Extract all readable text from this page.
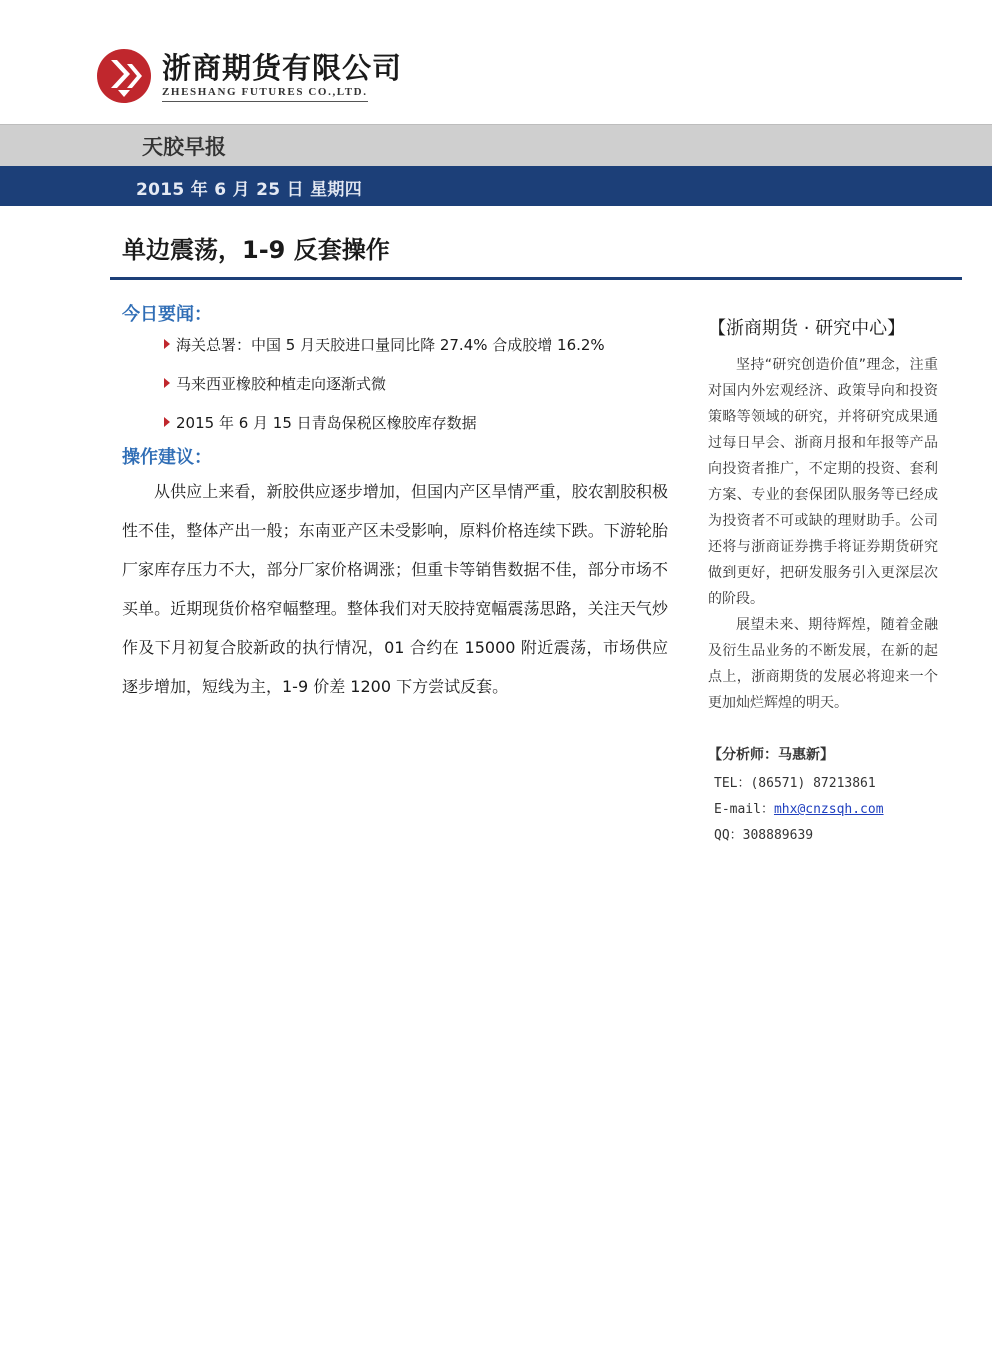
浙商期货有限公司
ZHESHANG FUTURES CO.,LTD.
天胶早报
2015 年 6 月 25 日 星期四
单边震荡，1-9 反套操作
今日要闻：
海关总署：中国 5 月天胶进口量同比降 27.4% 合成胶增 16.2%
马来西亚橡胶种植走向逐渐式微
2015 年 6 月 15 日青岛保税区橡胶库存数据
操作建议：

从供应上来看，新胶供应逐步增加，但国内产区旱情严重，胶农割胶积极性不佳，整体产出一般；东南亚产区未受影响，原料价格连续下跌。下游轮胎厂家库存压力不大，部分厂家价格调涨；但重卡等销售数据不佳，部分市场不买单。近期现货价格窄幅整理。整体我们对天胶持宽幅震荡思路，关注天气炒作及下月初复合胶新政的执行情况，01 合约在 15000 附近震荡，市场供应逐步增加，短线为主，1-9 价差 1200 下方尝试反套。

【浙商期货 · 研究中心】

坚持“研究创造价值”理念，注重对国内外宏观经济、政策导向和投资策略等领域的研究，并将研究成果通过每日早会、浙商月报和年报等产品向投资者推广，不定期的投资、套利方案、专业的套保团队服务等已经成为投资者不可或缺的理财助手。公司还将与浙商证券携手将证券期货研究做到更好，把研发服务引入更深层次的阶段。

展望未来、期待辉煌，随着金融及衍生品业务的不断发展，在新的起点上，浙商期货的发展必将迎来一个更加灿烂辉煌的明天。

【分析师：马惠新】
TEL：(86571) 87213861
E-mail：mhx@cnzsqh.com
QQ：308889639
